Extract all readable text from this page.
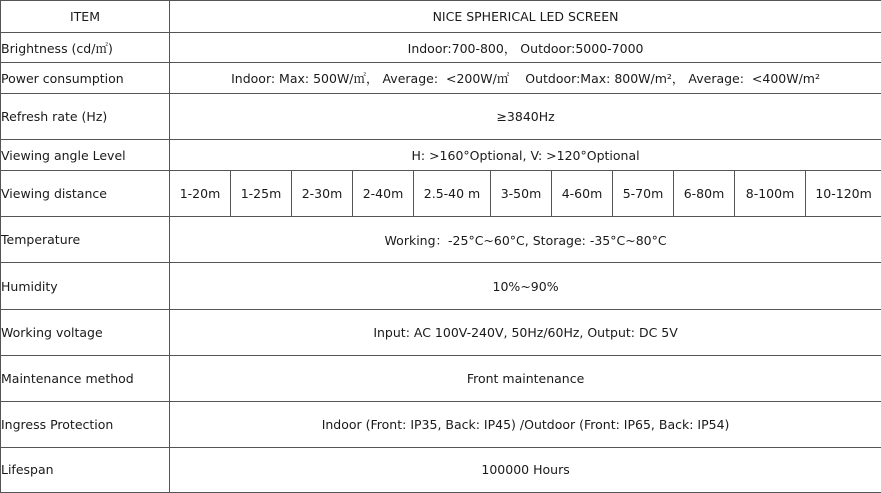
ITEM	NICE SPHERICAL LED SCREEN										
Brightness (cd/㎡)	Indoor:700-800， Outdoor:5000-7000										
Power consumption	Indoor: Max: 500W/㎡， Average:  <200W/㎡    Outdoor:Max: 800W/m²， Average:  <400W/m²										
Refresh rate (Hz)	≥3840Hz										
Viewing angle Level	H: >160°Optional, V: >120°Optional										
Viewing distance	1-20m	1-25m	2-30m	2-40m	2.5-40 m	3-50m	4-60m	5-70m	6-80m	8-100m	10-120m
Temperature	Working：-25°C~60°C, Storage: -35°C~80°C										
Humidity	10%~90%										
Working voltage	Input: AC 100V-240V, 50Hz/60Hz, Output: DC 5V										
Maintenance method	Front maintenance										
Ingress Protection	Indoor (Front: IP35, Back: IP45) /Outdoor (Front: IP65, Back: IP54)										
Lifespan	100000 Hours										
